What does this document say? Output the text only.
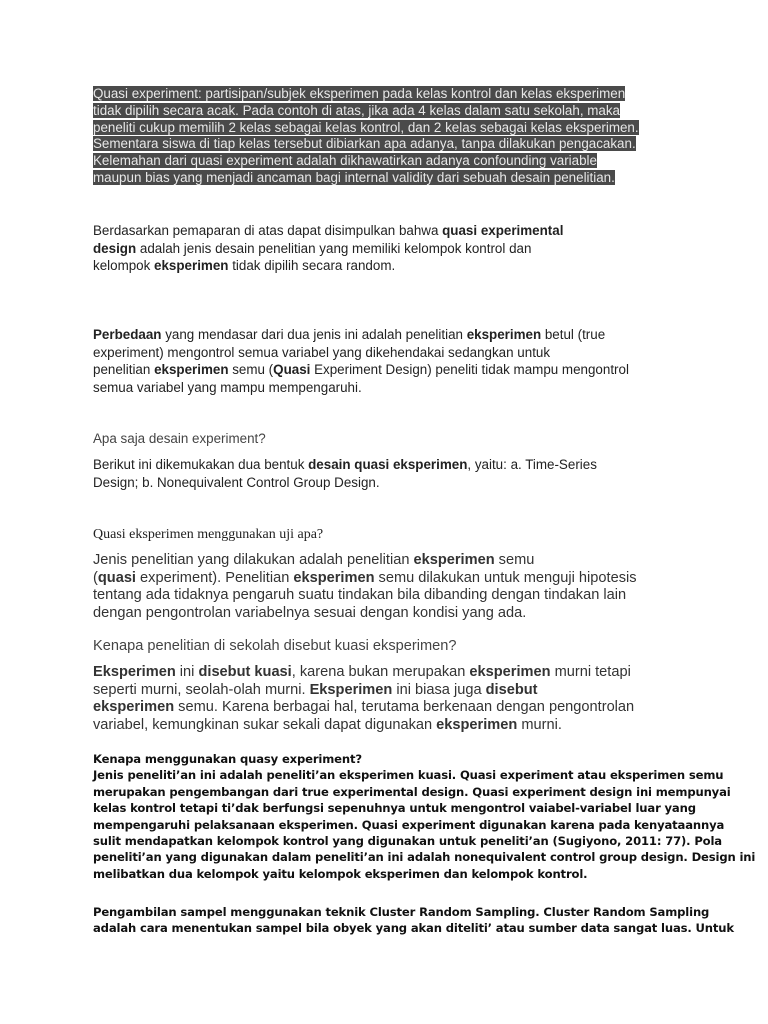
Quasi experiment: partisipan/subjek eksperimen pada kelas kontrol dan kelas eksperimen
tidak dipilih secara acak. Pada contoh di atas, jika ada 4 kelas dalam satu sekolah, maka
peneliti cukup memilih 2 kelas sebagai kelas kontrol, dan 2 kelas sebagai kelas eksperimen.
Sementara siswa di tiap kelas tersebut dibiarkan apa adanya, tanpa dilakukan pengacakan.
Kelemahan dari quasi experiment adalah dikhawatirkan adanya confounding variable
maupun bias yang menjadi ancaman bagi internal validity dari sebuah desain penelitian.

Berdasarkan pemaparan di atas dapat disimpulkan bahwa quasi experimental
design adalah jenis desain penelitian yang memiliki kelompok kontrol dan
kelompok eksperimen tidak dipilih secara random.

Perbedaan yang mendasar dari dua jenis ini adalah penelitian eksperimen betul (true
experiment) mengontrol semua variabel yang dikehendakai sedangkan untuk
penelitian eksperimen semu (Quasi Experiment Design) peneliti tidak mampu mengontrol
semua variabel yang mampu mempengaruhi.

Apa saja desain experiment?

Berikut ini dikemukakan dua bentuk desain quasi eksperimen, yaitu: a. Time-Series
Design; b. Nonequivalent Control Group Design.

Quasi eksperimen menggunakan uji apa?

Jenis penelitian yang dilakukan adalah penelitian eksperimen semu
(quasi experiment). Penelitian eksperimen semu dilakukan untuk menguji hipotesis
tentang ada tidaknya pengaruh suatu tindakan bila dibanding dengan tindakan lain
dengan pengontrolan variabelnya sesuai dengan kondisi yang ada.

Kenapa penelitian di sekolah disebut kuasi eksperimen?

Eksperimen ini disebut kuasi, karena bukan merupakan eksperimen murni tetapi
seperti murni, seolah-olah murni. Eksperimen ini biasa juga disebut
eksperimen semu. Karena berbagai hal, terutama berkenaan dengan pengontrolan
variabel, kemungkinan sukar sekali dapat digunakan eksperimen murni.

Kenapa menggunakan quasy experiment?
Jenis peneliti’an ini adalah peneliti’an eksperimen kuasi. Quasi experiment atau eksperimen semu
merupakan pengembangan dari true experimental design. Quasi experiment design ini mempunyai
kelas kontrol tetapi ti’dak berfungsi sepenuhnya untuk mengontrol vaiabel-variabel luar yang
mempengaruhi pelaksanaan eksperimen. Quasi experiment digunakan karena pada kenyataannya
sulit mendapatkan kelompok kontrol yang digunakan untuk peneliti’an (Sugiyono, 2011: 77). Pola
peneliti’an yang digunakan dalam peneliti’an ini adalah nonequivalent control group design. Design ini
melibatkan dua kelompok yaitu kelompok eksperimen dan kelompok kontrol.
Pengambilan sampel menggunakan teknik Cluster Random Sampling. Cluster Random Sampling
adalah cara menentukan sampel bila obyek yang akan diteliti’ atau sumber data sangat luas. Untuk
